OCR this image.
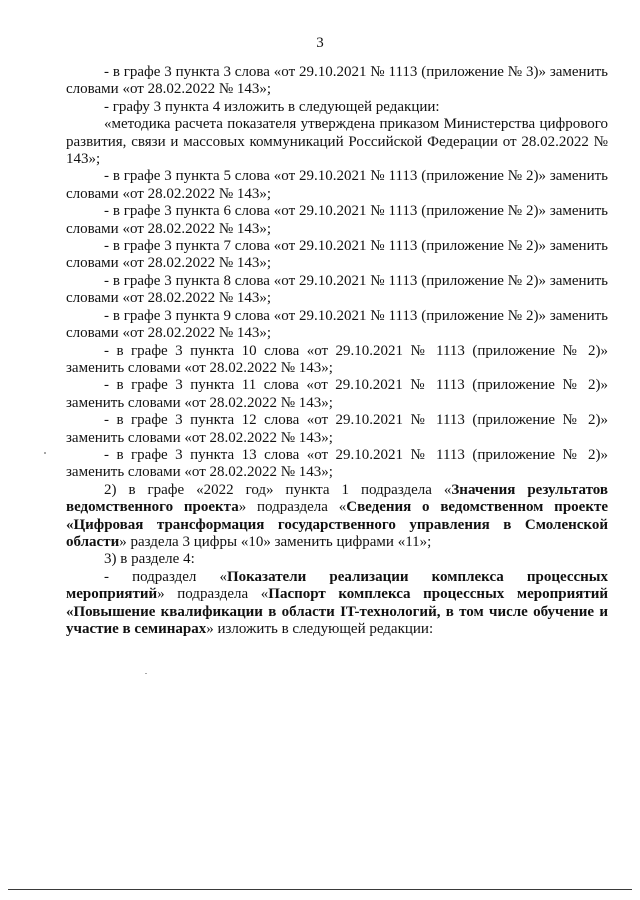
3

- в графе 3 пункта 3 слова «от 29.10.2021 № 1113 (приложение № 3)» заменить словами «от 28.02.2022 № 143»;

- графу 3 пункта 4 изложить в следующей редакции:

«методика расчета показателя утверждена приказом Министерства цифрового развития, связи и массовых коммуникаций Российской Федерации от 28.02.2022 № 143»;

- в графе 3 пункта 5 слова «от 29.10.2021 № 1113 (приложение № 2)» заменить словами «от 28.02.2022 № 143»;

- в графе 3 пункта 6 слова «от 29.10.2021 № 1113 (приложение № 2)» заменить словами «от 28.02.2022 № 143»;

- в графе 3 пункта 7 слова «от 29.10.2021 № 1113 (приложение № 2)» заменить словами «от 28.02.2022 № 143»;

- в графе 3 пункта 8 слова «от 29.10.2021 № 1113 (приложение № 2)» заменить словами «от 28.02.2022 № 143»;

- в графе 3 пункта 9 слова «от 29.10.2021 № 1113 (приложение № 2)» заменить словами «от 28.02.2022 № 143»;

- в графе 3 пункта 10 слова «от 29.10.2021 № 1113 (приложение № 2)» заменить словами «от 28.02.2022 № 143»;

- в графе 3 пункта 11 слова «от 29.10.2021 № 1113 (приложение № 2)» заменить словами «от 28.02.2022 № 143»;

- в графе 3 пункта 12 слова «от 29.10.2021 № 1113 (приложение № 2)» заменить словами «от 28.02.2022 № 143»;

- в графе 3 пункта 13 слова «от 29.10.2021 № 1113 (приложение № 2)» заменить словами «от 28.02.2022 № 143»;

2) в графе «2022 год» пункта 1 подраздела «Значения результатов ведомственного проекта» подраздела «Сведения о ведомственном проекте «Цифровая трансформация государственного управления в Смоленской области» раздела 3 цифры «10» заменить цифрами «11»;

3) в разделе 4:

- подраздел «Показатели реализации комплекса процессных мероприятий» подраздела «Паспорт комплекса процессных мероприятий «Повышение квалификации в области IT-технологий, в том числе обучение и участие в семинарах» изложить в следующей редакции:
